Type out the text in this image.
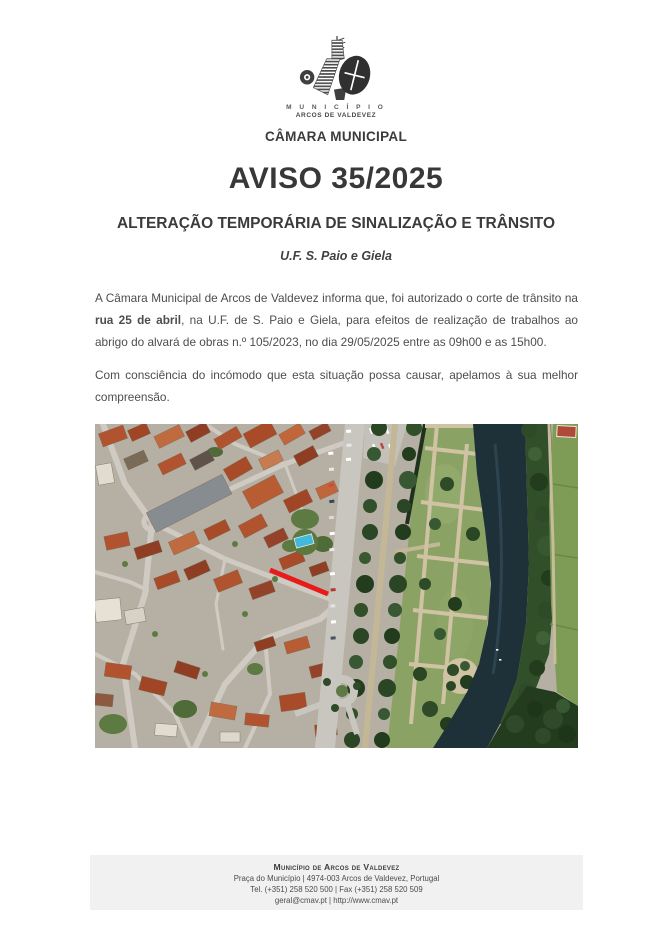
M U N I C Í P I O
ARCOS DE VALDEVEZ
CÂMARA MUNICIPAL
AVISO 35/2025
ALTERAÇÃO TEMPORÁRIA DE SINALIZAÇÃO E TRÂNSITO
U.F. S. Paio e Giela

A Câmara Municipal de Arcos de Valdevez informa que, foi autorizado o corte de trânsito na rua 25 de abril, na U.F. de S. Paio e Giela, para efeitos de realização de trabalhos ao abrigo do alvará de obras n.º 105/2023, no dia 29/05/2025 entre as 09h00 e as 15h00.

Com consciência do incómodo que esta situação possa causar, apelamos à sua melhor compreensão.

Município de Arcos de Valdevez
Praça do Município | 4974-003 Arcos de Valdevez, Portugal
Tel. (+351) 258 520 500 | Fax (+351) 258 520 509
geral@cmav.pt | http://www.cmav.pt
